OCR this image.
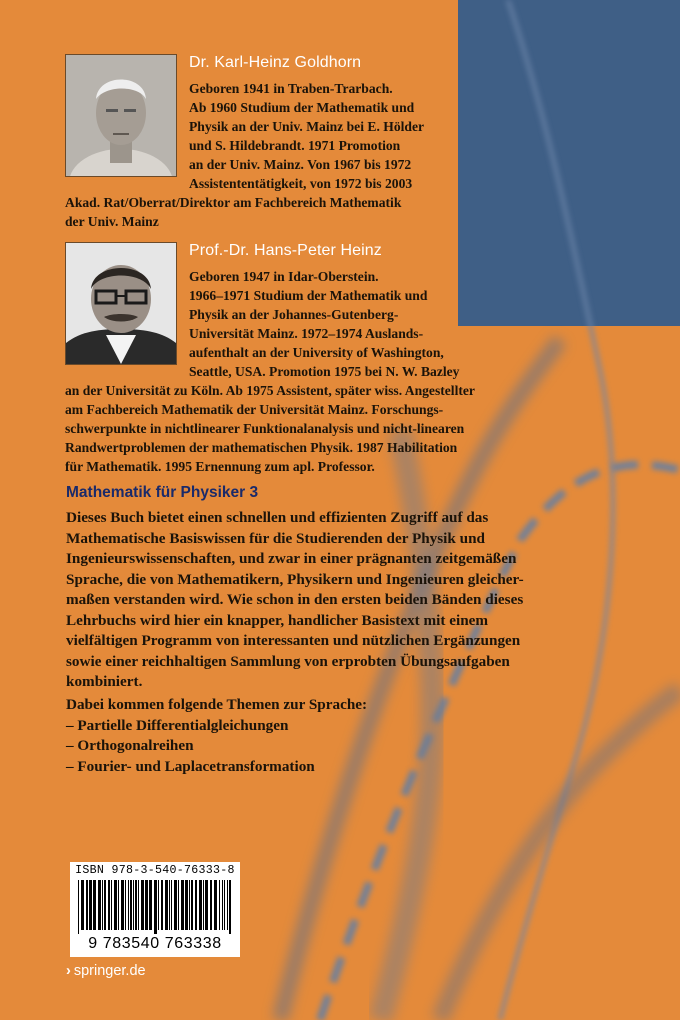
Dr. Karl-Heinz Goldhorn
Geboren 1941 in Traben-Trarbach.
Ab 1960 Studium der Mathematik und
Physik an der Univ. Mainz bei E. Hölder
und S. Hildebrandt. 1971 Promotion
an der Univ. Mainz. Von 1967 bis 1972
Assistententätigkeit, von 1972 bis 2003
Akad. Rat/Oberrat/Direktor am Fachbereich Mathematik
der Univ. Mainz
Prof.-Dr. Hans-Peter Heinz
Geboren 1947 in Idar-Oberstein.
1966–1971 Studium der Mathematik und
Physik an der Johannes-Gutenberg-
Universität Mainz. 1972–1974 Auslands-
aufenthalt an der University of Washington,
Seattle, USA. Promotion 1975 bei N. W. Bazley
an der Universität zu Köln. Ab 1975 Assistent, später wiss. Angestellter
am Fachbereich Mathematik der Universität Mainz. Forschungs-
schwerpunkte in nichtlinearer Funktionalanalysis und nicht-linearen
Randwertproblemen der mathematischen Physik. 1987 Habilitation
für Mathematik. 1995 Ernennung zum apl. Professor.
Mathematik für Physiker 3
Dieses Buch bietet einen schnellen und effizienten Zugriff auf das
Mathematische Basiswissen für die Studierenden der Physik und
Ingenieurswissenschaften, und zwar in einer prägnanten zeitgemäßen
Sprache, die von Mathematikern, Physikern und Ingenieuren gleicher-
maßen verstanden wird. Wie schon in den ersten beiden Bänden dieses
Lehrbuchs wird hier ein knapper, handlicher Basistext mit einem
vielfältigen Programm von interessanten und nützlichen Ergänzungen
sowie einer reichhaltigen Sammlung von erprobten Übungsaufgaben
kombiniert.
Dabei kommen folgende Themen zur Sprache:
– Partielle Differentialgleichungen
– Orthogonalreihen
– Fourier- und Laplacetransformation
ISBN 978-3-540-76333-8
9 783540 763338
› springer.de
